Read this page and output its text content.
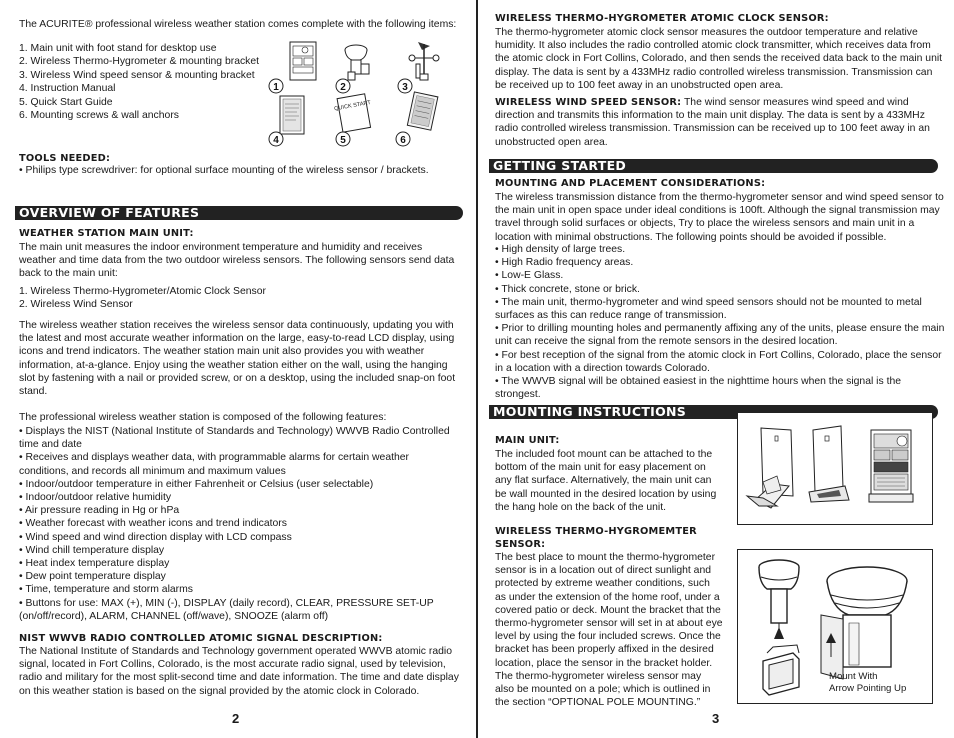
The ACURITE® professional wireless weather station comes complete with the following items:

1. Main unit with foot stand for desktop use

2. Wireless Thermo-Hygrometer & mounting bracket

3. Wireless Wind speed sensor & mounting bracket

4. Instruction Manual

5. Quick Start Guide

6. Mounting screws & wall anchors

1	2	3
QUICK START
4	5	6
TOOLS NEEDED:

• Philips type screwdriver: for optional surface mounting of the wireless sensor / brackets.

OVERVIEW OF FEATURES
WEATHER STATION MAIN UNIT:

The main unit measures the indoor environment temperature and humidity and receives weather and time data from the two outdoor wireless sensors. The following sensors send data back to the main unit:

1. Wireless Thermo-Hygrometer/Atomic Clock Sensor

2. Wireless Wind Sensor

The wireless weather station receives the wireless sensor data continuously, updating you with the latest and most accurate weather information on the large, easy-to-read LCD display, using icons and trend indicators. The weather station main unit also provides you with weather information, at-a-glance. Enjoy using the weather station either on the wall, using the hanging slot by fastening with a nail or provided screw, or on a desktop, using the included snap-on foot stand.

The professional wireless weather station is composed of the following features:

• Displays the NIST (National Institute of Standards and Technology) WWVB Radio Controlled time and date

• Receives and displays weather data, with programmable alarms for certain weather conditions, and records all minimum and maximum values

• Indoor/outdoor temperature in either Fahrenheit or Celsius (user selectable)

• Indoor/outdoor relative humidity

• Air pressure reading in Hg or hPa

• Weather forecast with weather icons and trend indicators

• Wind speed and wind direction display with LCD compass

• Wind chill temperature display

• Heat index temperature display

• Dew point temperature display

• Time, temperature and storm alarms

• Buttons for use: MAX (+), MIN (-), DISPLAY (daily record), CLEAR, PRESSURE SET-UP (on/off/record), ALARM, CHANNEL (off/wave), SNOOZE (alarm off)

NIST WWVB RADIO CONTROLLED ATOMIC SIGNAL DESCRIPTION:

The National Institute of Standards and Technology government operated WWVB atomic radio signal, located in Fort Collins, Colorado, is the most accurate radio signal, used by television, radio and military for the most split-second time and date information. The time and date display on this weather station is based on the signal provided by the atomic clock in Colorado.

2
WIRELESS THERMO-HYGROMETER ATOMIC CLOCK SENSOR:

The thermo-hygrometer atomic clock sensor measures the outdoor temperature and relative humidity. It also includes the radio controlled atomic clock transmitter, which receives data from the atomic clock in Fort Collins, Colorado, and then sends the received data back to the main unit display. The data is sent by a 433MHz radio controlled wireless transmission. Transmission can be received up to 100 feet away in an unobstructed open area.

WIRELESS WIND SPEED SENSOR: The wind sensor measures wind speed and wind direction and transmits this information to the main unit display. The data is sent by a 433MHz radio controlled wireless transmission. Transmission can be received up to 100 feet away in an unobstructed open area.

GETTING STARTED
MOUNTING AND PLACEMENT CONSIDERATIONS:

The wireless transmission distance from the thermo-hygrometer sensor and wind speed sensor to the main unit in open space under ideal conditions is 100ft. Although the signal transmission may travel through solid surfaces or objects, Try to place the wireless sensors and main unit in a location with minimal obstructions. The following points should be avoided if possible.

• High density of large trees.

• High Radio frequency areas.

• Low-E Glass.

• Thick concrete, stone or brick.

• The main unit, thermo-hygrometer and wind speed sensors should not be mounted to metal surfaces as this can reduce range of transmission.

• Prior to drilling mounting holes and permanently affixing any of the units, please ensure the main unit can receive the signal from the remote sensors in the desired location.

• For best reception of the signal from the atomic clock in Fort Collins, Colorado, place the sensor in a location with a direction towards Colorado.

• The WWVB signal will be obtained easiest in the nighttime hours when the signal is the strongest.

MOUNTING INSTRUCTIONS
MAIN UNIT:

The included foot mount can be attached to the bottom of the main unit for easy placement on any flat surface. Alternatively, the main unit can be wall mounted in the desired location by using the hang hole on the back of the unit.

WIRELESS THERMO-HYGROMEMTER SENSOR:

The best place to mount the thermo-hygrometer sensor is in a location out of direct sunlight and protected by extreme weather conditions, such as under the extension of the home roof, under a covered patio or deck. Mount the bracket that the thermo-hygrometer sensor will set in at about eye level by using the four included screws. Once the bracket has been properly affixed in the desired location, place the sensor in the bracket holder. The thermo-hygrometer wireless sensor may also be mounted on a pole; which is outlined in the section “OPTIONAL POLE MOUNTING.”

Mount With
Arrow Pointing Up
3
